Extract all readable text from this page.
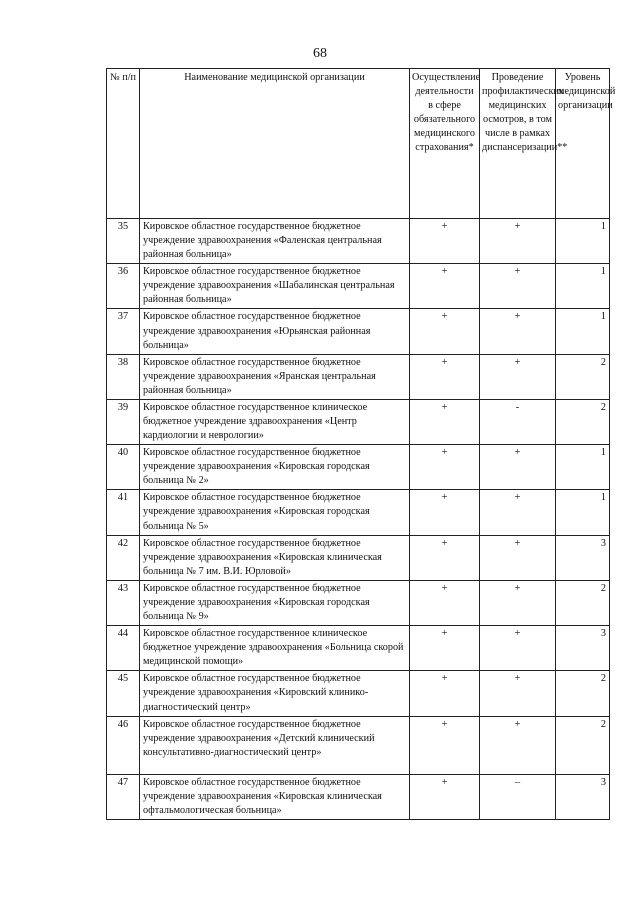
68
№ п/п	Наименование медицинской организации	Осуществление деятельности в сфере обязательного медицинского страхования*	Проведение профилактических медицинских осмотров, в том числе в рамках диспансеризации**	Уровень медицинской организации
35	Кировское областное государственное бюджетное учреждение здравоохранения «Фаленская центральная районная больница»	+	+	1
36	Кировское областное государственное бюджетное учреждение здравоохранения «Шабалинская центральная районная больница»	+	+	1
37	Кировское областное государственное бюджетное учреждение здравоохранения «Юрьянская районная больница»	+	+	1
38	Кировское областное государственное бюджетное учреждение здравоохранения «Яранская центральная районная больница»	+	+	2
39	Кировское областное государственное клиническое бюджетное учреждение здравоохранения «Центр кардиологии и неврологии»	+	-	2
40	Кировское областное государственное бюджетное учреждение здравоохранения «Кировская городская больница № 2»	+	+	1
41	Кировское областное государственное бюджетное учреждение здравоохранения «Кировская городская больница № 5»	+	+	1
42	Кировское областное государственное бюджетное учреждение здравоохранения «Кировская клиническая больница № 7 им. В.И. Юрловой»	+	+	3
43	Кировское областное государственное бюджетное учреждение здравоохранения «Кировская городская больница № 9»	+	+	2
44	Кировское областное государственное клиническое бюджетное учреждение здравоохранения «Больница скорой медицинской помощи»	+	+	3
45	Кировское областное государственное бюджетное учреждение здравоохранения «Кировский клинико-диагностический центр»	+	+	2
46	Кировское областное государственное бюджетное учреждение здравоохранения «Детский клинический консультативно-диагностический центр»	+	+	2
47	Кировское областное государственное бюджетное учреждение здравоохранения «Кировская клиническая офтальмологическая больница»	+	–	3
